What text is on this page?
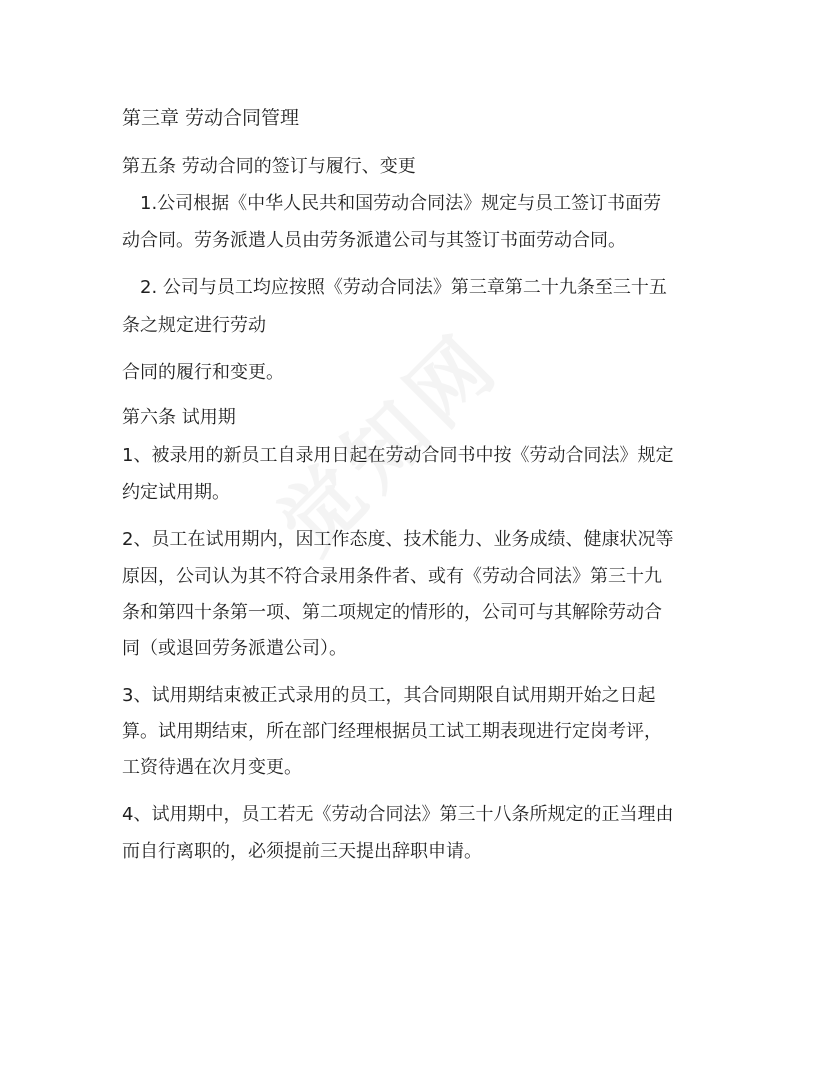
第三章 劳动合同管理

第五条 劳动合同的签订与履行、变更

1.公司根据《中华人民共和国劳动合同法》规定与员工签订书面劳

动合同。劳务派遣人员由劳务派遣公司与其签订书面劳动合同。

2. 公司与员工均应按照《劳动合同法》第三章第二十九条至三十五

条之规定进行劳动

合同的履行和变更。

第六条 试用期

1、被录用的新员工自录用日起在劳动合同书中按《劳动合同法》规定

约定试用期。

2、员工在试用期内，因工作态度、技术能力、业务成绩、健康状况等

原因，公司认为其不符合录用条件者、或有《劳动合同法》第三十九

条和第四十条第一项、第二项规定的情形的，公司可与其解除劳动合

同（或退回劳务派遣公司）。

3、试用期结束被正式录用的员工，其合同期限自试用期开始之日起

算。试用期结束，所在部门经理根据员工试工期表现进行定岗考评，

工资待遇在次月变更。

4、试用期中，员工若无《劳动合同法》第三十八条所规定的正当理由

而自行离职的，必须提前三天提出辞职申请。
